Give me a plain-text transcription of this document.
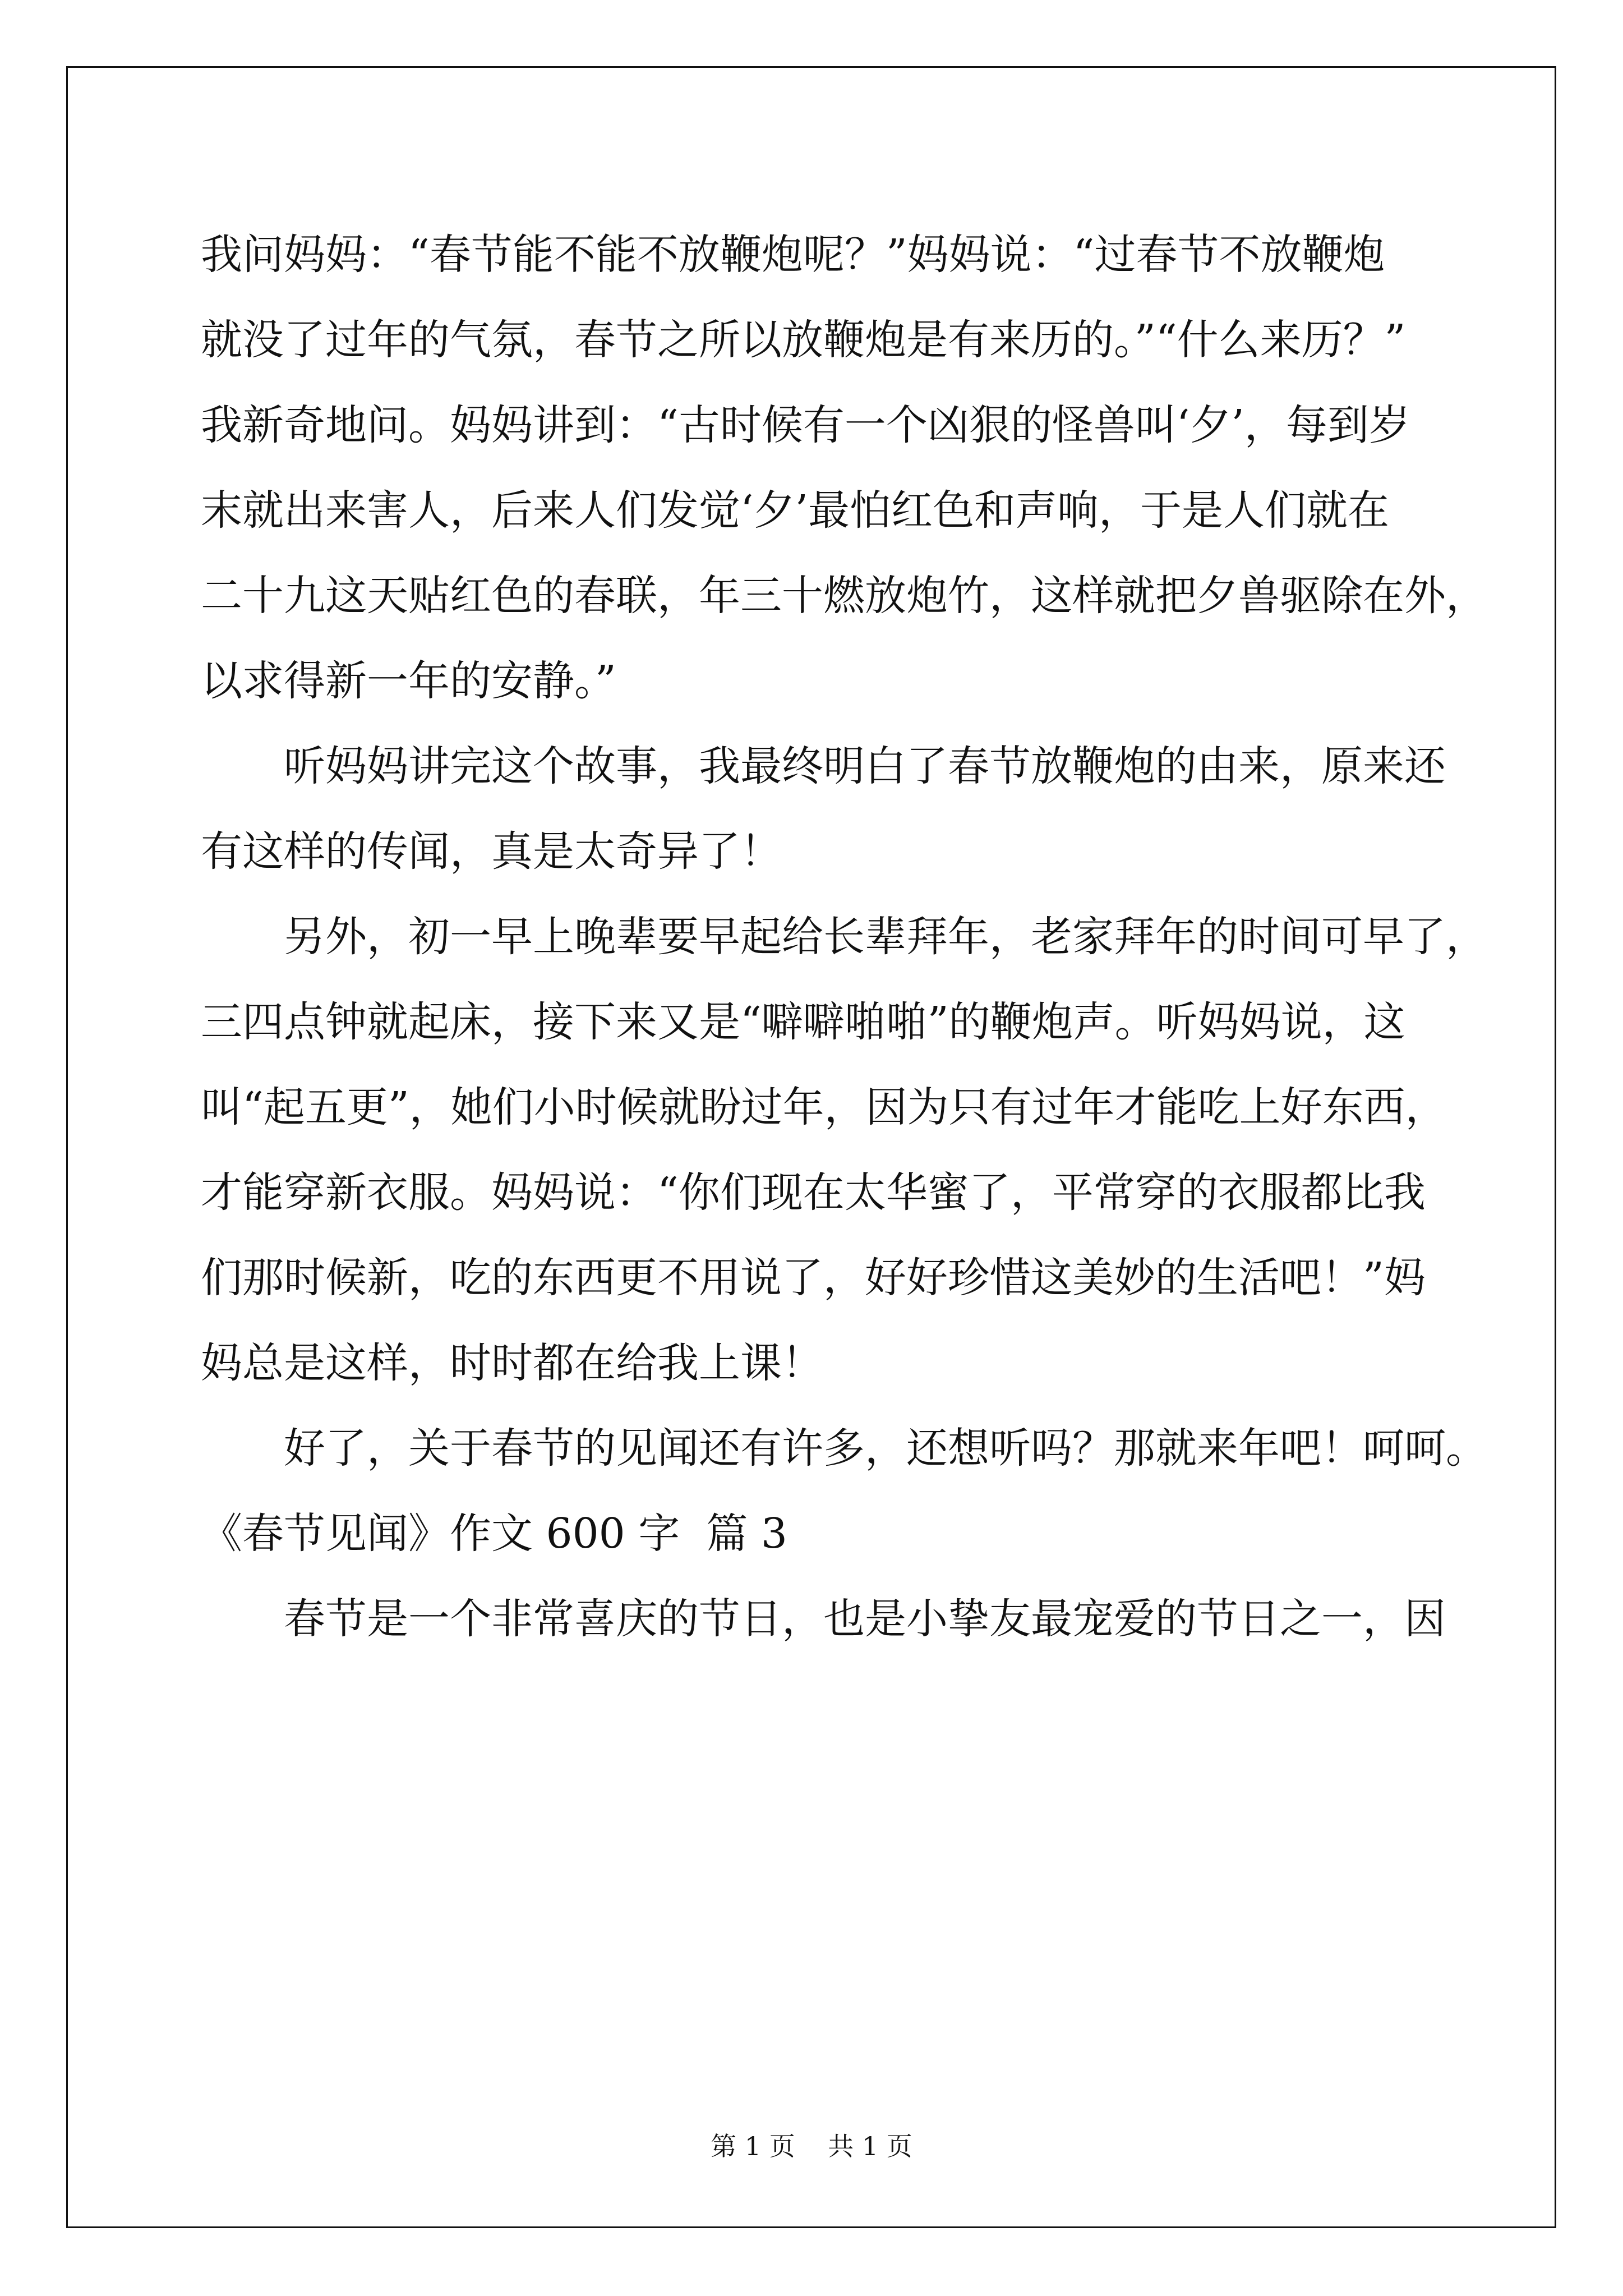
我问妈妈：“春节能不能不放鞭炮呢？”妈妈说：“过春节不放鞭炮

就没了过年的气氛，春节之所以放鞭炮是有来历的。”“什么来历？”

我新奇地问。妈妈讲到：“古时候有一个凶狠的怪兽叫‘夕’，每到岁

末就出来害人，后来人们发觉‘夕’最怕红色和声响，于是人们就在

二十九这天贴红色的春联，年三十燃放炮竹，这样就把夕兽驱除在外，

以求得新一年的安静。”

听妈妈讲完这个故事，我最终明白了春节放鞭炮的由来，原来还

有这样的传闻，真是太奇异了！

另外，初一早上晚辈要早起给长辈拜年，老家拜年的时间可早了，

三四点钟就起床，接下来又是“噼噼啪啪”的鞭炮声。听妈妈说，这

叫“起五更”，她们小时候就盼过年，因为只有过年才能吃上好东西，

才能穿新衣服。妈妈说：“你们现在太华蜜了，平常穿的衣服都比我

们那时候新，吃的东西更不用说了，好好珍惜这美妙的生活吧！”妈

妈总是这样，时时都在给我上课！

好了，关于春节的见闻还有许多，还想听吗？那就来年吧！呵呵。

《春节见闻》作文 600 字  篇 3

春节是一个非常喜庆的节日，也是小挚友最宠爱的节日之一，因

第 1 页    共 1 页
